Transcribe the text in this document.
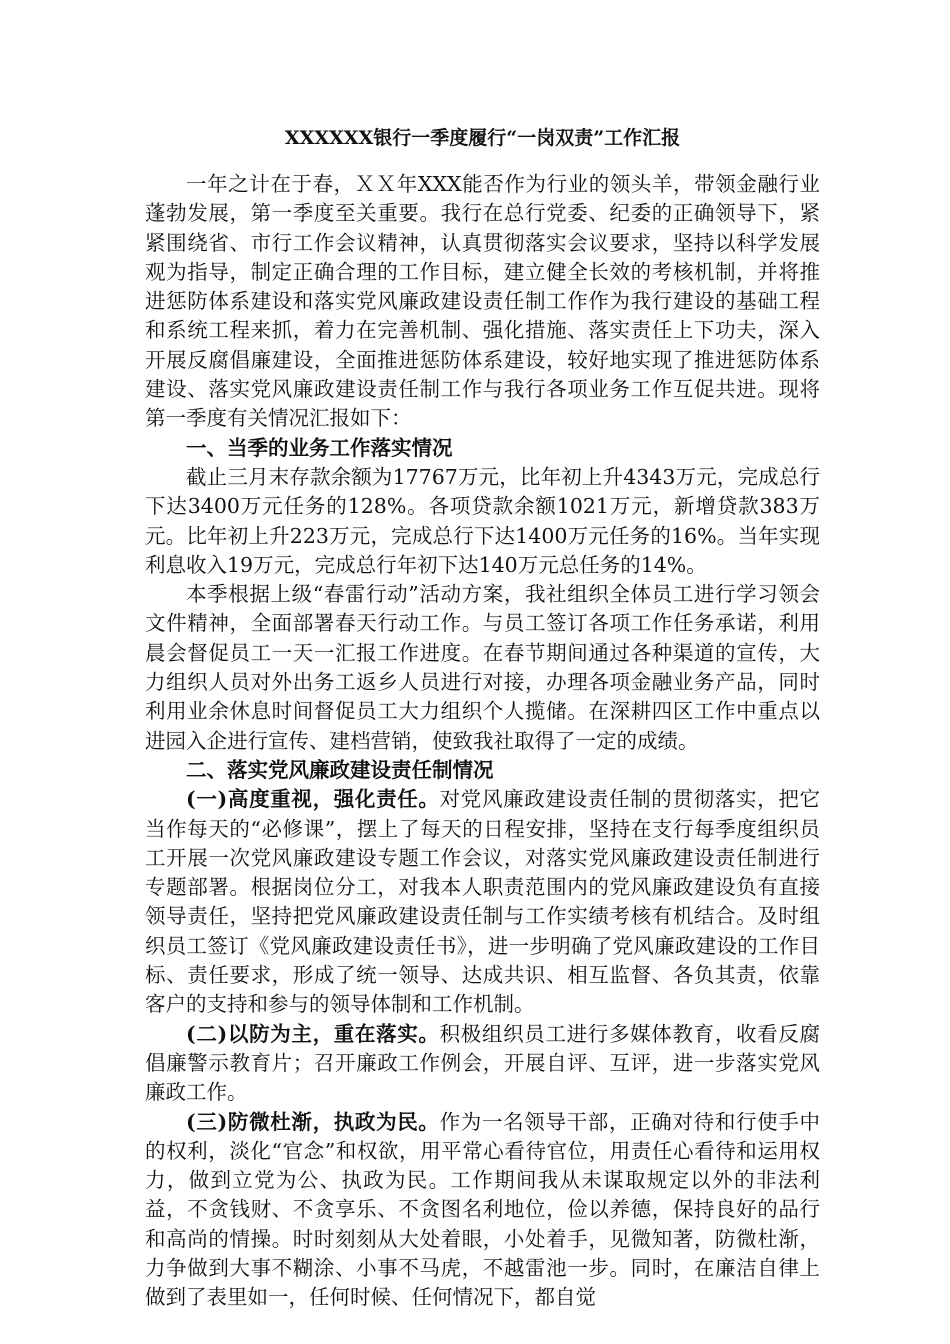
XXXXXX银行一季度履行“一岗双责”工作汇报

一年之计在于春，ＸＸ年XXX能否作为行业的领头羊，带领金融行业蓬勃发展，第一季度至关重要。我行在总行党委、纪委的正确领导下，紧紧围绕省、市行工作会议精神，认真贯彻落实会议要求，坚持以科学发展观为指导，制定正确合理的工作目标，建立健全长效的考核机制，并将推进惩防体系建设和落实党风廉政建设责任制工作作为我行建设的基础工程和系统工程来抓，着力在完善机制、强化措施、落实责任上下功夫，深入开展反腐倡廉建设，全面推进惩防体系建设，较好地实现了推进惩防体系建设、落实党风廉政建设责任制工作与我行各项业务工作互促共进。现将第一季度有关情况汇报如下：

一、当季的业务工作落实情况

截止三月末存款余额为17767万元，比年初上升4343万元，完成总行下达3400万元任务的128%。各项贷款余额1021万元，新增贷款383万元。比年初上升223万元，完成总行下达1400万元任务的16%。当年实现利息收入19万元，完成总行年初下达140万元总任务的14%。

本季根据上级“春雷行动”活动方案，我社组织全体员工进行学习领会文件精神，全面部署春天行动工作。与员工签订各项工作任务承诺，利用晨会督促员工一天一汇报工作进度。在春节期间通过各种渠道的宣传，大力组织人员对外出务工返乡人员进行对接，办理各项金融业务产品，同时利用业余休息时间督促员工大力组织个人揽储。在深耕四区工作中重点以进园入企进行宣传、建档营销，使致我社取得了一定的成绩。

二、落实党风廉政建设责任制情况

(一)高度重视，强化责任。对党风廉政建设责任制的贯彻落实，把它当作每天的“必修课”，摆上了每天的日程安排，坚持在支行每季度组织员工开展一次党风廉政建设专题工作会议，对落实党风廉政建设责任制进行专题部署。根据岗位分工，对我本人职责范围内的党风廉政建设负有直接领导责任，坚持把党风廉政建设责任制与工作实绩考核有机结合。及时组织员工签订《党风廉政建设责任书》，进一步明确了党风廉政建设的工作目标、责任要求，形成了统一领导、达成共识、相互监督、各负其责，依靠客户的支持和参与的领导体制和工作机制。

(二)以防为主，重在落实。积极组织员工进行多媒体教育，收看反腐倡廉警示教育片；召开廉政工作例会，开展自评、互评，进一步落实党风廉政工作。

(三)防微杜渐，执政为民。作为一名领导干部，正确对待和行使手中的权利，淡化“官念”和权欲，用平常心看待官位，用责任心看待和运用权力，做到立党为公、执政为民。工作期间我从未谋取规定以外的非法利益，不贪钱财、不贪享乐、不贪图名利地位，俭以养德，保持良好的品行和高尚的情操。时时刻刻从大处着眼，小处着手，见微知著，防微杜渐，力争做到大事不糊涂、小事不马虎，不越雷池一步。同时，在廉洁自律上做到了表里如一，任何时候、任何情况下，都自觉
